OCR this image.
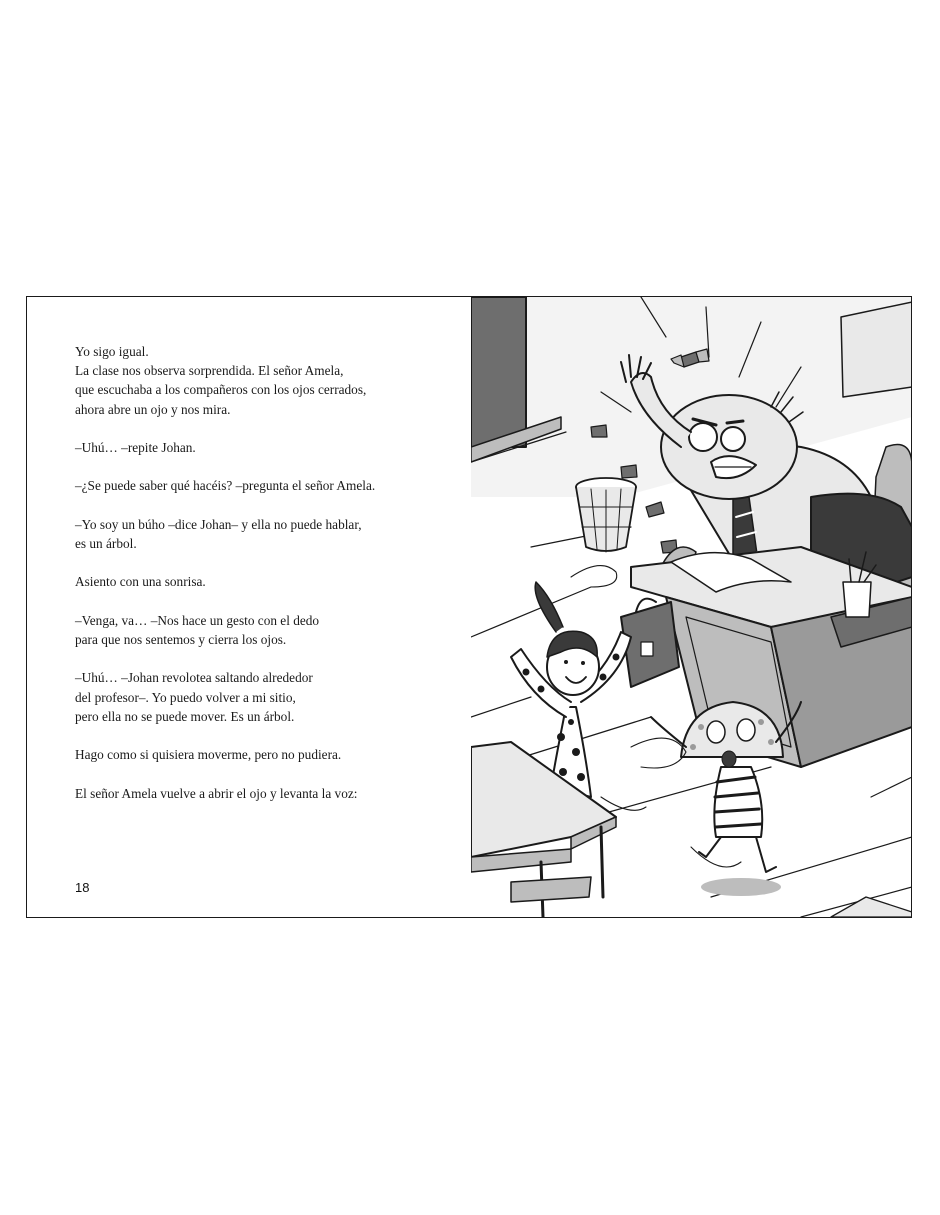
Yo sigo igual.
La clase nos observa sorprendida. El señor Amela,
que escuchaba a los compañeros con los ojos cerrados,
ahora abre un ojo y nos mira.

–Uhú… –repite Johan.

–¿Se puede saber qué hacéis? –pregunta el señor Amela.

–Yo soy un búho –dice Johan– y ella no puede hablar,
es un árbol.

Asiento con una sonrisa.

–Venga, va… –Nos hace un gesto con el dedo
para que nos sentemos y cierra los ojos.

–Uhú… –Johan revolotea saltando alrededor
del profesor–. Yo puedo volver a mi sitio,
pero ella no se puede mover. Es un árbol.

Hago como si quisiera moverme, pero no pudiera.

El señor Amela vuelve a abrir el ojo y levanta la voz:

18
